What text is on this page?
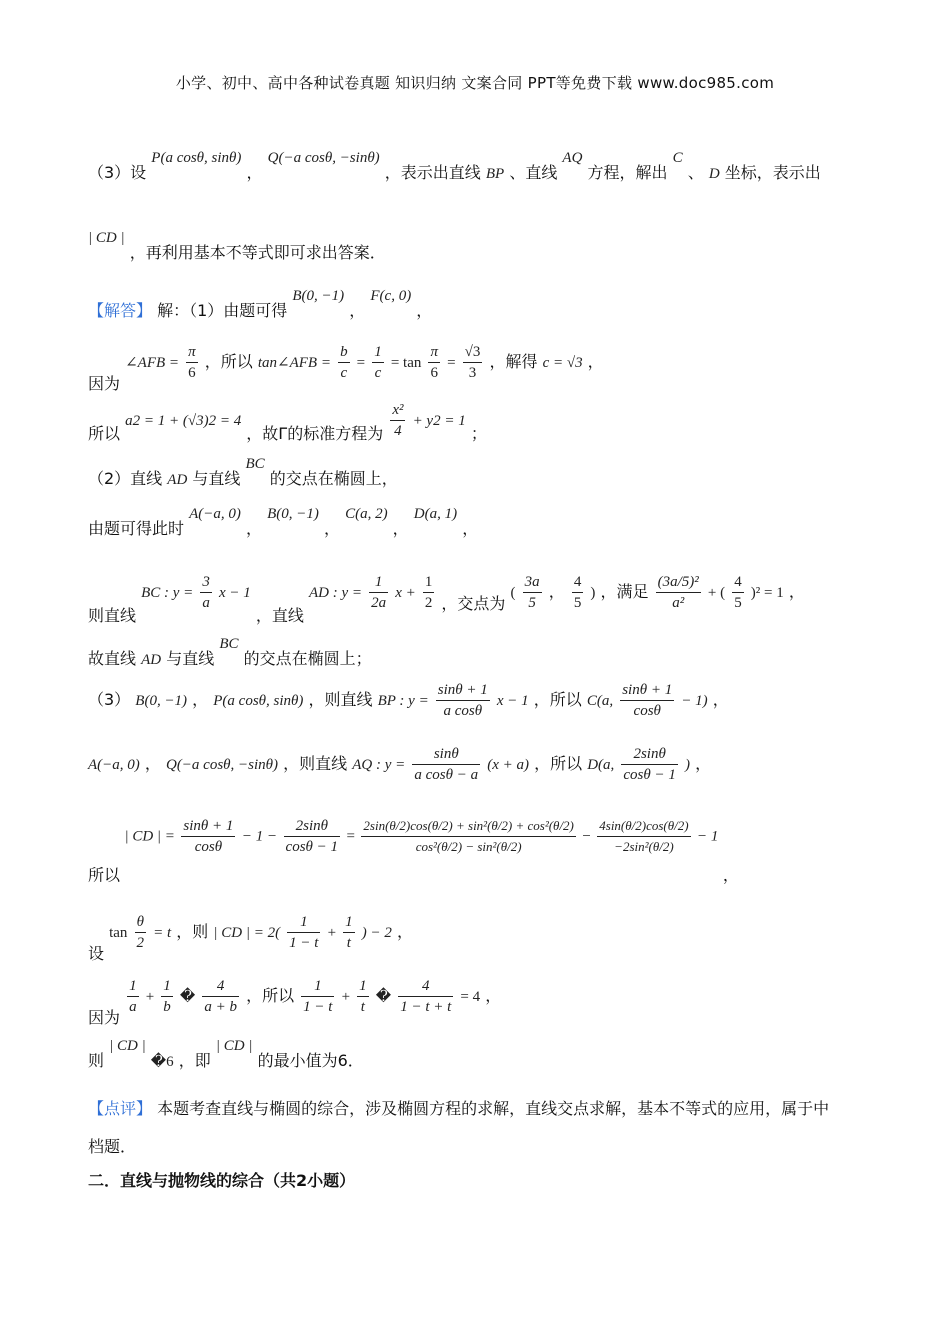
小学、初中、高中各种试卷真题 知识归纳 文案合同 PPT等免费下载 www.doc985.com
（3）设 P(a cosθ, sinθ) ， Q(−a cosθ, −sinθ) ，表示出直线 BP 、直线 AQ 方程，解出 C 、 D 坐标，表示出
| CD | ，再利用基本不等式即可求出答案．
【解答】 解：（1）由题可得 B(0, −1) ， F(c, 0) ，
因为 ∠AFB = $\frac{\pi}{6}$ ，所以 tan∠AFB = $\frac{b}{c} = \frac{1}{c} = \tan \frac{\pi}{6} = \frac{√3}{3}$ ，解得 c = √3 ，
所以 a2 = 1 + (√3)2 = 4 ，故Γ的标准方程为 $\frac{\text{x²}}{4} + y2 = 1$ ；
（2）直线 AD 与直线 BC 的交点在椭圆上，
由题可得此时 A(−a, 0) ， B(0, −1) ， C(a, 2) ， D(a, 1) ，
则直线 BC : $y = \frac{3}{a}$ x − 1 ，直线 AD : $y = \frac{1}{2a}$ $x + \frac{1}{2}$ ，交点为 ( $\frac{3a}{5}$ ， $\frac{4}{5}$ ) ，满足 $\frac{\text{(3a/5)²}}{\text{a²}}$ + ( $\frac{4}{5} )^2 = 1$ ，
故直线 AD 与直线 BC 的交点在椭圆上；
（3） B(0, −1) ， P(a cosθ, sinθ) ，则直线 BP : $y = \frac{\sin\theta + 1}{\text{a cosθ}}$ x − 1 ，所以 C(a, $\frac{\sin\theta + 1}{\cos\theta} - 1$) ，
A(−a, 0) ， Q(−a cosθ, −sinθ) ，则直线 AQ : $y = \frac{\sin\theta}{\text{a cosθ − a}} (x + a)$ ，所以 D(a, $\frac{2\sin\theta}{\cos\theta - 1}$ ) ，
所以 | CD | = $\frac{\sin\theta + 1}{\cos\theta} - 1 - \frac{2\sin\theta}{\cos\theta - 1} = \frac{\text{2sin(θ/2)cos(θ/2) + sin²(θ/2) + cos²(θ/2)}}{\text{cos²(θ/2) − sin²(θ/2)}} - \frac{4\sin(\theta/2)\cos(\theta/2)}{\text{−2sin²(θ/2)}} - 1$ ，
设 $\tan \frac{\theta}{2} = t$ ，则 | CD | = $2( \frac{1}{1 - t} + \frac{1}{t}$ ) − 2 ，
因为
$\frac{1}{a} + \frac{1}{b}$ � $\frac{4}{a + b}$ ，所以 $\frac{1}{1 - t} + \frac{1}{t}$ � $\frac{4}{1 - t + t} = 4$ ，
则 | CD | �6 ，即 | CD | 的最小值为6．
【点评】 本题考查直线与椭圆的综合，涉及椭圆方程的求解，直线交点求解，基本不等式的应用，属于中
档题．
二．直线与抛物线的综合（共2小题）
